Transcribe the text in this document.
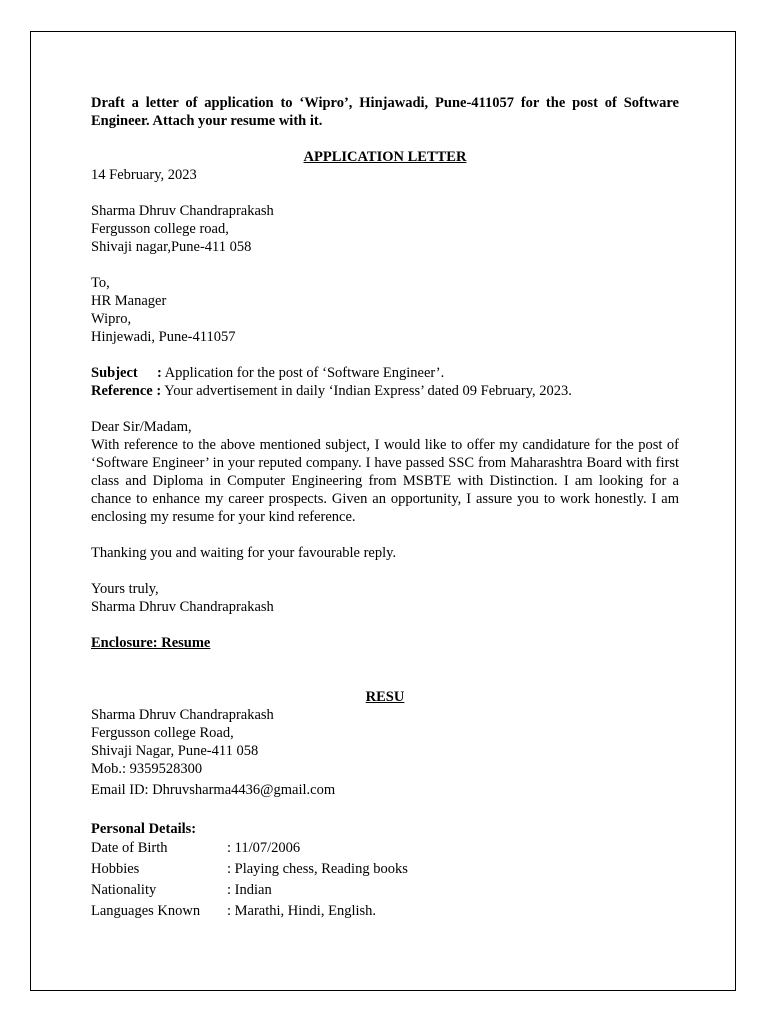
Draft a letter of application to ‘Wipro’, Hinjawadi, Pune-411057 for the post of Software Engineer. Attach your resume with it.

APPLICATION LETTER

14 February, 2023

Sharma Dhruv Chandraprakash

Fergusson college road,

Shivaji nagar,Pune-411 058

To,

HR Manager

Wipro,

Hinjewadi, Pune-411057

Subject : Application for the post of ‘Software Engineer’.

Reference : Your advertisement in daily ‘Indian Express’ dated 09 February, 2023.

Dear Sir/Madam,

With reference to the above mentioned subject, I would like to offer my candidature for the post of ‘Software Engineer’ in your reputed company. I have passed SSC from Maharashtra Board with first class and Diploma in Computer Engineering from MSBTE with Distinction. I am looking for a chance to enhance my career prospects. Given an opportunity, I assure you to work honestly. I am enclosing my resume for your kind reference.

Thanking you and waiting for your favourable reply.

Yours truly,

Sharma Dhruv Chandraprakash

Enclosure: Resume

RESU

Sharma Dhruv Chandraprakash

Fergusson college Road,

Shivaji Nagar, Pune-411 058

Mob.: 9359528300

Email ID: Dhruvsharma4436@gmail.com

Personal Details:

Date of Birth	: 11/07/2006
Hobbies	: Playing chess, Reading books
Nationality	: Indian
Languages Known	: Marathi, Hindi, English.
